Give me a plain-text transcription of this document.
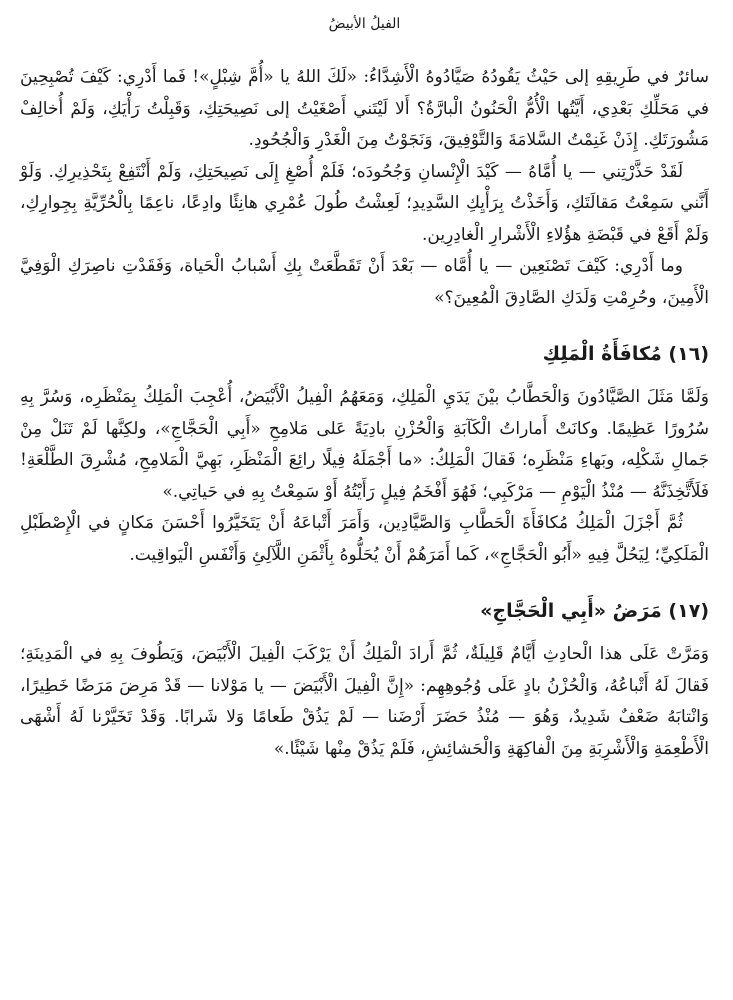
الفيلُ الأبيضُ

سائرٌ في طَرِيقِهِ إلى حَيْثُ يَقُودُهُ صَيَّادُوهُ الْأَشِدَّاءُ: «لَكَ اللهُ يا «أُمَّ شِبْلٍ»! فَما أَدْرِي: كَيْفَ تُصْبِحِينَ في مَحَلِّكِ بَعْدِي، أَيَّتُها الْأُمُّ الْحَنُونُ الْبارَّةُ؟ أَلا لَيْتَني أَصْغَيْتُ إلى نَصِيحَتِكِ، وَقَبِلْتُ رَأْيَكِ، وَلَمْ أُخالِفْ مَشُورَتَكِ. إِذَنْ غَنِمْتُ السَّلامَةَ وَالتَّوْفِيقَ، وَنَجَوْتُ مِنَ الْغَدْرِ وَالْجُحُودِ.

لَقَدْ حَذَّرْتِني — يا أُمَّاهُ — كَيْدَ الْإِنْسانِ وَجُحُودَه؛ فَلَمْ أُصْغِ إِلَى نَصِيحَتِكِ، وَلَمْ أَنْتَفِعْ بِتَحْذِيرِكِ. وَلَوْ أَنَّني سَمِعْتُ مَقالَتَكِ، وَأَخَذْتُ بِرَأْيِكِ السَّدِيدِ؛ لَعِشْتُ طُولَ عُمْرِي هانِئًا وادِعًا، ناعِمًا بِالْحُرِّيَّةِ بِجِوارِكِ، وَلَمْ أَقَعْ في قَبْضَةِ هؤُلاءِ الْأَشْرارِ الْغادِرِين.

وما أَدْرِي: كَيْفَ تَصْنَعِين — يا أُمَّاه — بَعْدَ أَنْ تَقَطَّعَتْ بِكِ أَسْبابُ الْحَياة، وَفَقَدْتِ ناصِرَكِ الْوَفِيَّ الْأَمِينَ، وحُرِمْتِ وَلَدَكِ الصَّادِقَ الْمُعِينَ؟»

(١٦) مُكافَأَةُ الْمَلِكِ

وَلَمَّا مَثَلَ الصَّيَّادُونَ وَالْحَطَّابُ بيْنَ يَدَيِ الْمَلِكِ، وَمَعَهُمُ الْفِيلُ الْأَبْيَضُ، أُعْجِبَ الْمَلِكُ بِمَنْظَرِه، وَسُرَّ بِهِ سُرُورًا عَظِيمًا. وكانَتْ أَماراتُ الْكَآبَةِ وَالْحُزْنِ بادِيَةً عَلى مَلامِحِ «أَبِي الْحَجَّاجِ»، ولكِنَّها لَمْ تَنَلْ مِنْ جَمالِ شَكْلِه، وبَهاءِ مَنْظَرِه؛ فَقالَ الْمَلِكُ: «ما أَجْمَلَهُ فِيلًا رائِعَ الْمَنْظَرِ، بَهِيَّ الْمَلامِحِ، مُشْرِقَ الطَّلْعَةِ! فَلَأَتَّخِذَنَّهُ — مُنْذُ الْيَوْمِ — مَرْكَبِي؛ فَهُوَ أَفْخَمُ فِيلٍ رَأَيْتُهُ أَوْ سَمِعْتُ بِهِ في حَياتِي.»

ثُمَّ أَجْزَلَ الْمَلِكُ مُكافَأَةَ الْحَطَّابِ وَالصَّيَّادِين، وَأَمَرَ أَتْباعَهُ أَنْ يَتَخَيَّرُوا أَحْسَنَ مَكانٍ في الْإِصْطَبْلِ الْمَلَكِيِّ؛ لِيَحُلَّ فِيهِ «أَبُو الْحَجَّاجِ»، كَما أَمَرَهُمْ أَنْ يُحَلُّوهُ بِأَثْمَنِ اللَّآلِئِ وَأَنْفَسِ الْيَواقِيت.

(١٧) مَرَضُ «أَبِي الْحَجَّاجِ»

وَمَرَّتْ عَلَى هذا الْحادِثِ أَيَّامٌ قَلِيلَةٌ، ثُمَّ أَرادَ الْمَلِكُ أَنْ يَرْكَبَ الْفِيلَ الْأَبْيَضَ، وَيَطُوفَ بِهِ في الْمَدِينَةِ؛ فَقالَ لَهُ أَتْباعُهُ، وَالْحُزْنُ بادٍ عَلَى وُجُوهِهِم: «إِنَّ الْفِيلَ الْأَبْيَضَ — يا مَوْلانا — قَدْ مَرِضَ مَرَضًا خَطِيرًا، وَانْتابَهُ ضَعْفٌ شَدِيدٌ، وَهُوَ — مُنْذُ حَضَرَ أَرْضَنا — لَمْ يَذُقْ طَعامًا وَلا شَرابًا. وَقَدْ تَخَيَّرْنا لَهُ أَشْهَى الْأَطْعِمَةِ وَالْأَشْرِبَةِ مِنَ الْفاكِهَةِ وَالْحَشائِشِ، فَلَمْ يَذُقْ مِنْها شَيْئًا.»
